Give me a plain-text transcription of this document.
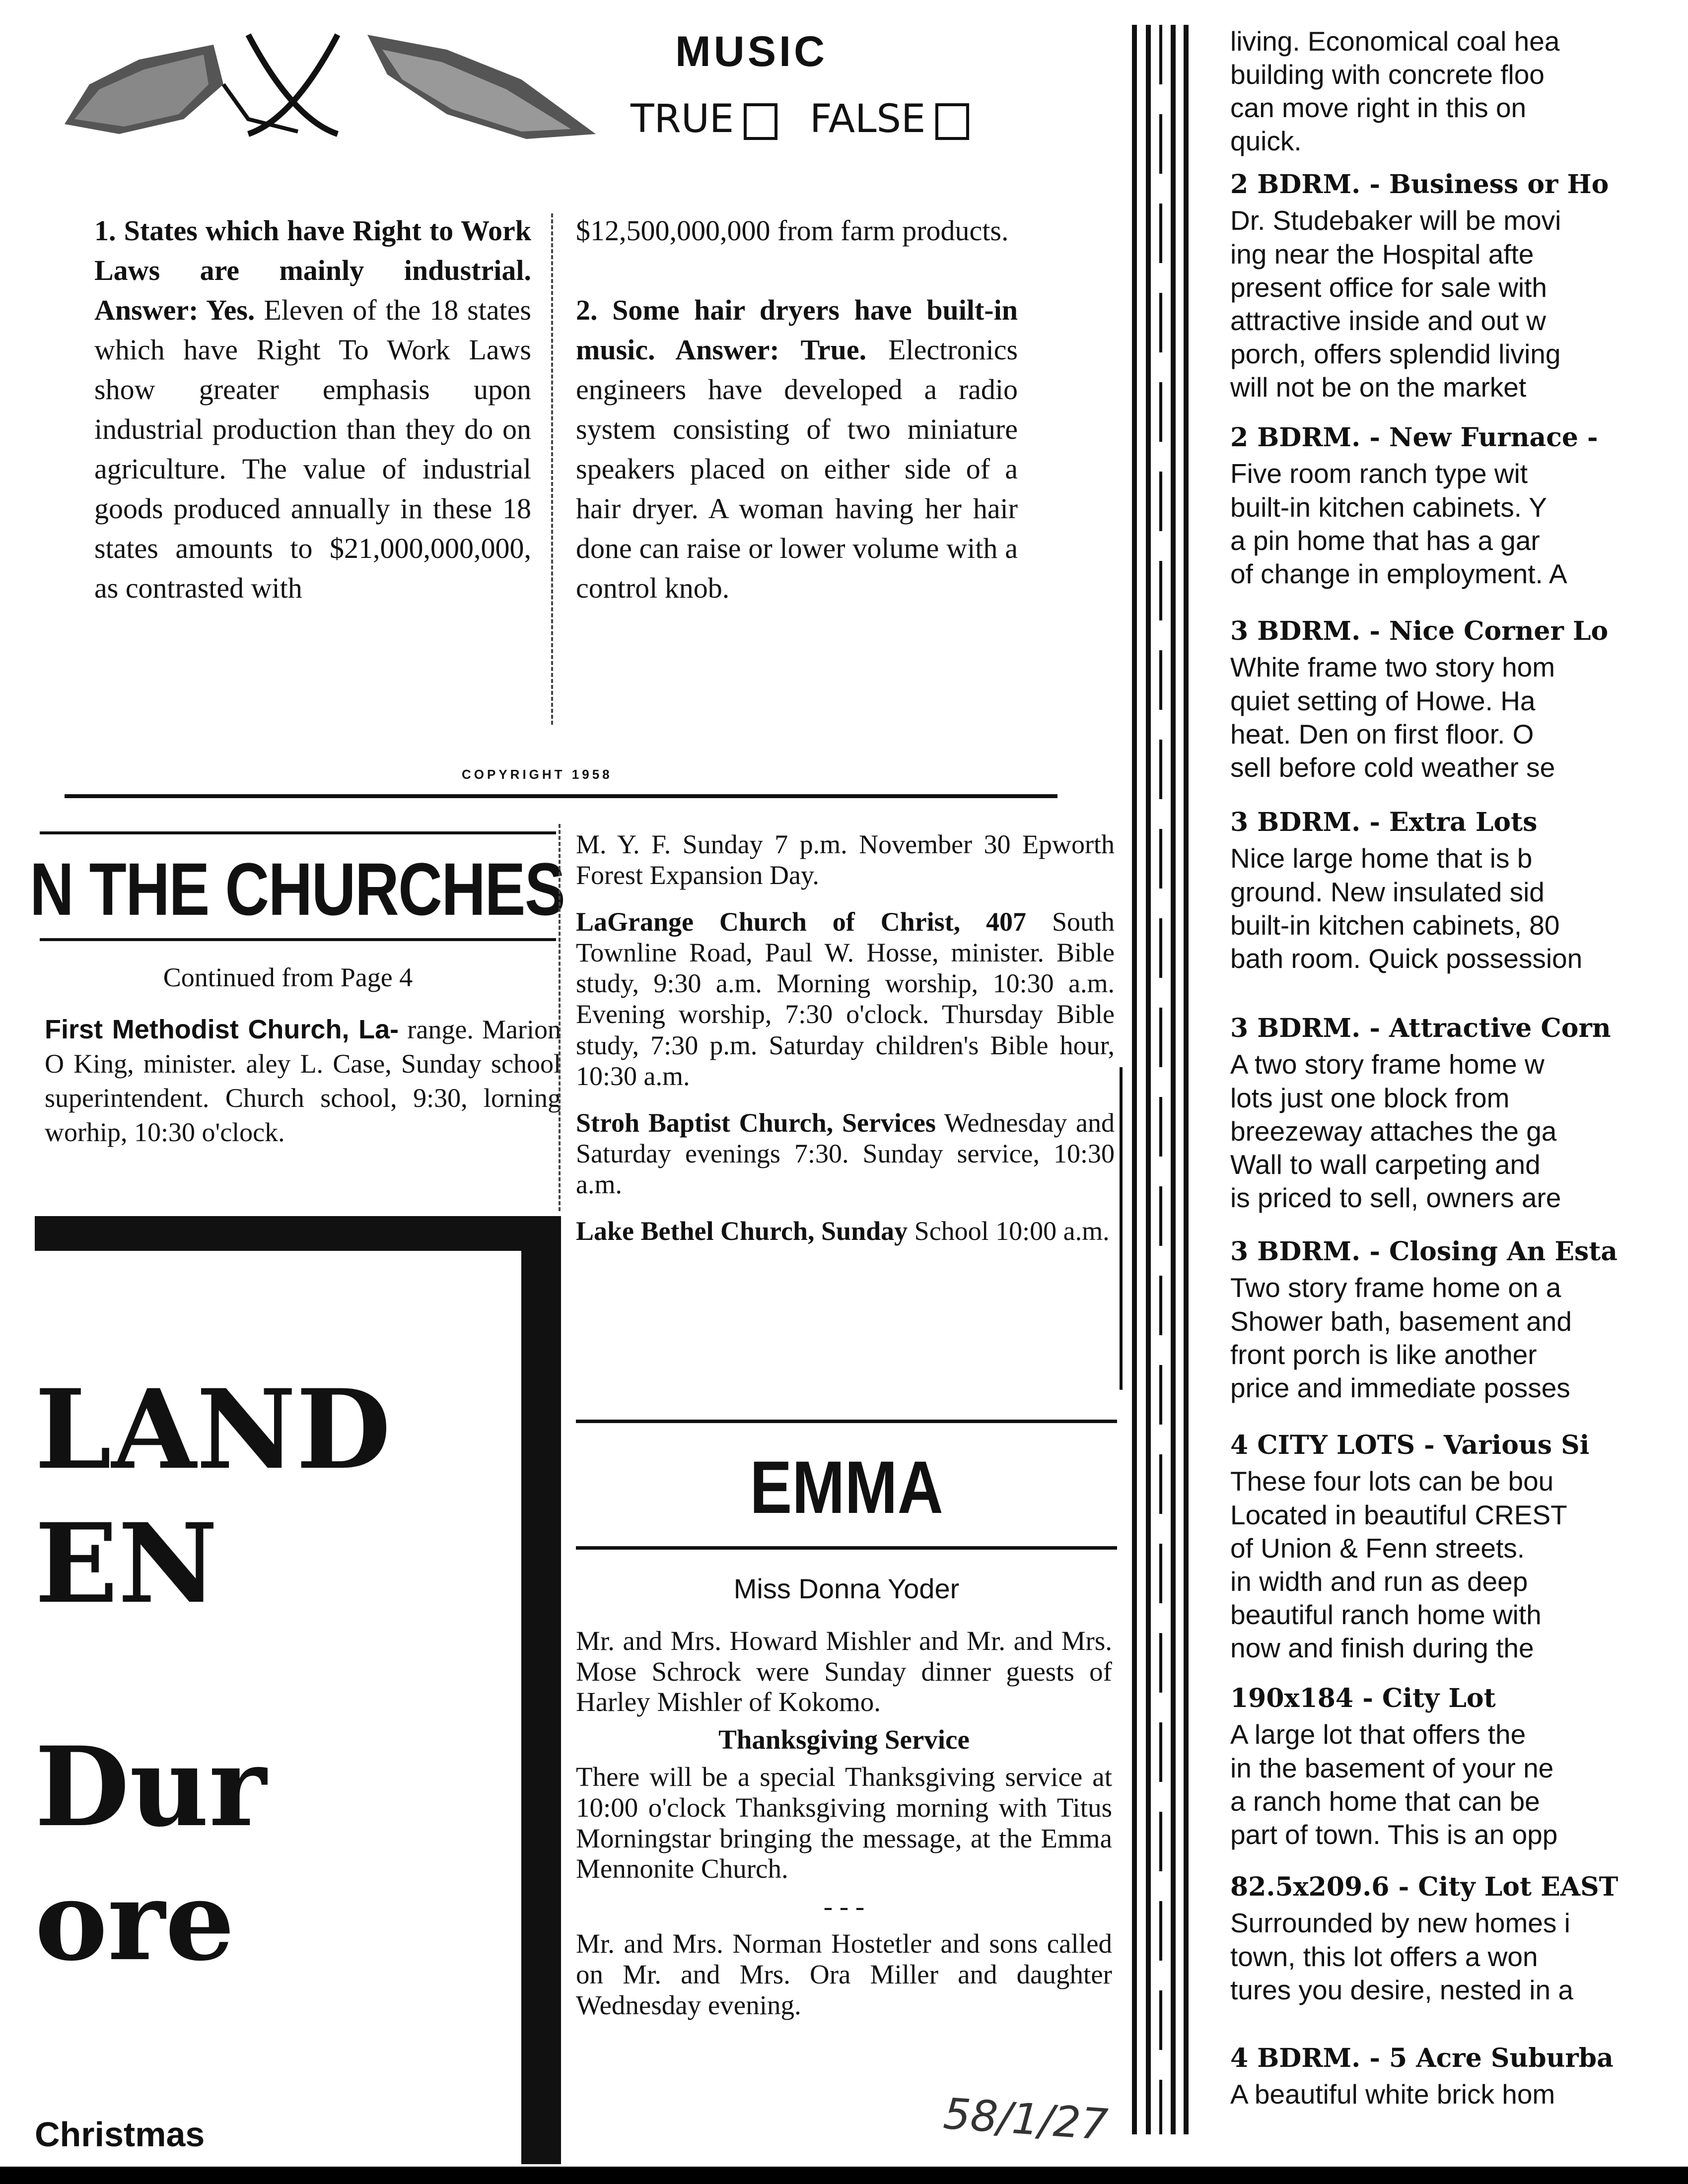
MUSIC
TRUE FALSE
1. States which have Right to Work Laws are mainly industrial. Answer: Yes. Eleven of the 18 states which have Right To Work Laws show greater emphasis upon industrial production than they do on agriculture. The value of industrial goods produced annually in these 18 states amounts to $21,000,000,000, as contrasted with
$12,500,000,000 from farm products.

2. Some hair dryers have built-in music. Answer: True. Electronics engineers have developed a radio system consisting of two miniature speakers placed on either side of a hair dryer. A woman having her hair done can raise or lower volume with a control knob.
COPYRIGHT 1958
N THE CHURCHES
Continued from Page 4
First Methodist Church, La- range. Marion O King, minister. aley L. Case, Sunday school superintendent. Church school, 9:30, lorning worhip, 10:30 o'clock.

M. Y. F. Sunday 7 p.m. November 30 Epworth Forest Expansion Day.

LaGrange Church of Christ, 407 South Townline Road, Paul W. Hosse, minister. Bible study, 9:30 a.m. Morning worship, 10:30 a.m. Evening worship, 7:30 o'clock. Thursday Bible study, 7:30 p.m. Saturday children's Bible hour, 10:30 a.m.

Stroh Baptist Church, Services Wednesday and Saturday evenings 7:30. Sunday service, 10:30 a.m.

Lake Bethel Church, Sunday School 10:00 a.m.

LAND
EN
Dur
ore
Christmas
EMMA
Miss Donna Yoder

Mr. and Mrs. Howard Mishler and Mr. and Mrs. Mose Schrock were Sunday dinner guests of Harley Mishler of Kokomo.

Thanksgiving Service

There will be a special Thanksgiving service at 10:00 o'clock Thanksgiving morning with Titus Morningstar bringing the message, at the Emma Mennonite Church.

- - -

Mr. and Mrs. Norman Hostetler and sons called on Mr. and Mrs. Ora Miller and daughter Wednesday evening.

58/1/27
living. Economical coal hea
building with concrete floo
can move right in this on
quick.
2 BDRM. - Business or Ho
Dr. Studebaker will be movi
ing near the Hospital afte
present office for sale with
attractive inside and out w
porch, offers splendid living
will not be on the market
2 BDRM. - New Furnace -
Five room ranch type wit
built-in kitchen cabinets. Y
a pin home that has a gar
of change in employment. A
3 BDRM. - Nice Corner Lo
White frame two story hom
quiet setting of Howe. Ha
heat. Den on first floor. O
sell before cold weather se
3 BDRM. - Extra Lots
Nice large home that is b
ground. New insulated sid
built-in kitchen cabinets, 80
bath room. Quick possession
3 BDRM. - Attractive Corn
A two story frame home w
lots just one block from
breezeway attaches the ga
Wall to wall carpeting and
is priced to sell, owners are
3 BDRM. - Closing An Esta
Two story frame home on a
Shower bath, basement and
front porch is like another
price and immediate posses
4 CITY LOTS - Various Si
These four lots can be bou
Located in beautiful CREST
of Union & Fenn streets.
in width and run as deep
beautiful ranch home with
now and finish during the
190x184 - City Lot
A large lot that offers the
in the basement of your ne
a ranch home that can be
part of town. This is an opp
82.5x209.6 - City Lot EAST
Surrounded by new homes i
town, this lot offers a won
tures you desire, nested in a
4 BDRM. - 5 Acre Suburba
A beautiful white brick hom
